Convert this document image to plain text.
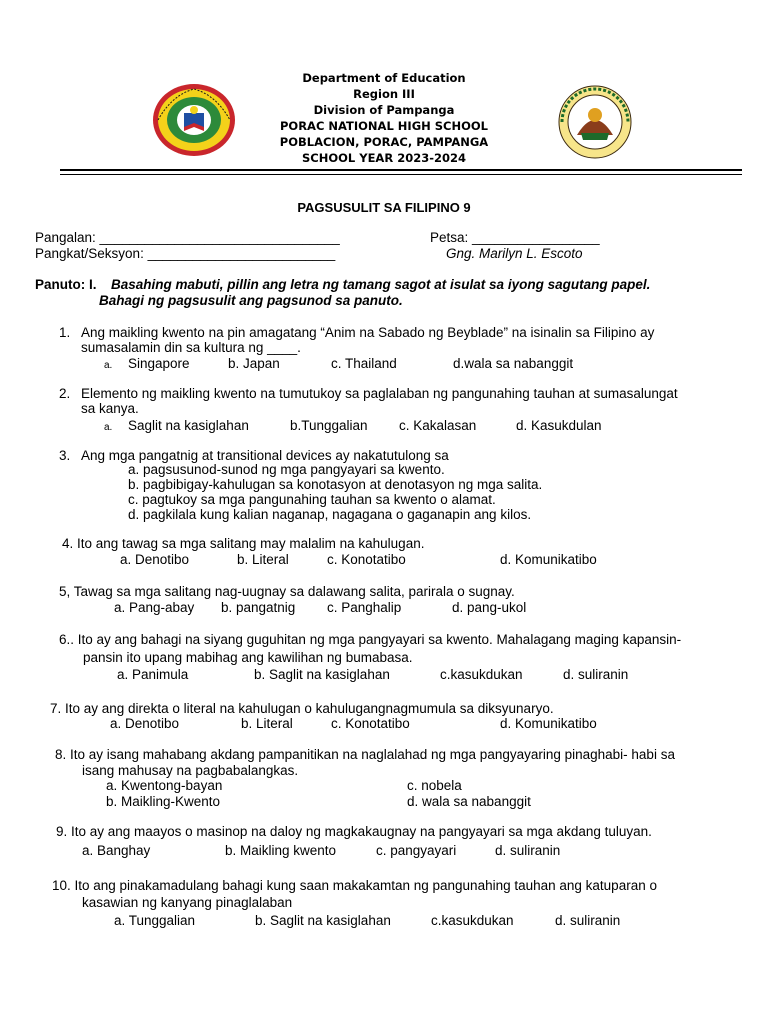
Department of Education
Region III
Division of Pampanga
PORAC NATIONAL HIGH SCHOOL
POBLACION, PORAC, PAMPANGA
SCHOOL YEAR 2023-2024
PAGSUSULIT SA FILIPINO 9
Pangalan: ________________________________	Petsa: _________________
Pangkat/Seksyon: _________________________	Gng. Marilyn L. Escoto
Panuto: I. Basahing mabuti, pillin ang letra ng tamang sagot at isulat sa iyong sagutang papel.
Bahagi ng pagsusulit ang pagsunod sa panuto.
1. Ang maikling kwento na pin amagatang “Anim na Sabado ng Beyblade” na isinalin sa Filipino ay
sumasalamin din sa kultura ng ____.
a. Singapore	b. Japan	c. Thailand	d.wala sa nabanggit
2. Elemento ng maikling kwento na tumutukoy sa paglalaban ng pangunahing tauhan at sumasalungat
sa kanya.
a. Saglit na kasiglahan	b.Tunggalian c. Kakalasan	d. Kasukdulan
3. Ang mga pangatnig at transitional devices ay nakatutulong sa
a. pagsusunod-sunod ng mga pangyayari sa kwento.
b. pagbibigay-kahulugan sa konotasyon at denotasyon ng mga salita.
c. pagtukoy sa mga pangunahing tauhan sa kwento o alamat.
d. pagkilala kung kalian naganap, nagagana o gaganapin ang kilos.
4. Ito ang tawag sa mga salitang may malalim na kahulugan.
a. Denotibo	b. Literal	c. Konotatibo	d. Komunikatibo
5, Tawag sa mga salitang nag-uugnay sa dalawang salita, parirala o sugnay.
a. Pang-abay b. pangatnig c. Panghalip	d. pang-ukol
6.. Ito ay ang bahagi na siyang guguhitan ng mga pangyayari sa kwento. Mahalagang maging kapansin-
pansin ito upang mabihag ang kawilihan ng bumabasa.
a. Panimula	b. Saglit na kasiglahan	c.kasukdukan	d. suliranin
7. Ito ay ang direkta o literal na kahulugan o kahulugangnagmumula sa diksyunaryo.
a. Denotibo	b. Literal	c. Konotatibo	d. Komunikatibo
8. Ito ay isang mahabang akdang pampanitikan na naglalahad ng mga pangyayaring pinaghabi- habi sa
isang mahusay na pagbabalangkas.
a. Kwentong-bayan
b. Maikling-Kwento
c. nobela
d. wala sa nabanggit
9. Ito ay ang maayos o masinop na daloy ng magkakaugnay na pangyayari sa mga akdang tuluyan.
a. Banghay	b. Maikling kwento	c. pangyayari	d. suliranin
10. Ito ang pinakamadulang bahagi kung saan makakamtan ng pangunahing tauhan ang katuparan o
kasawian ng kanyang pinaglalaban
a. Tunggalian	b. Saglit na kasiglahan	c.kasukdukan	d. suliranin
